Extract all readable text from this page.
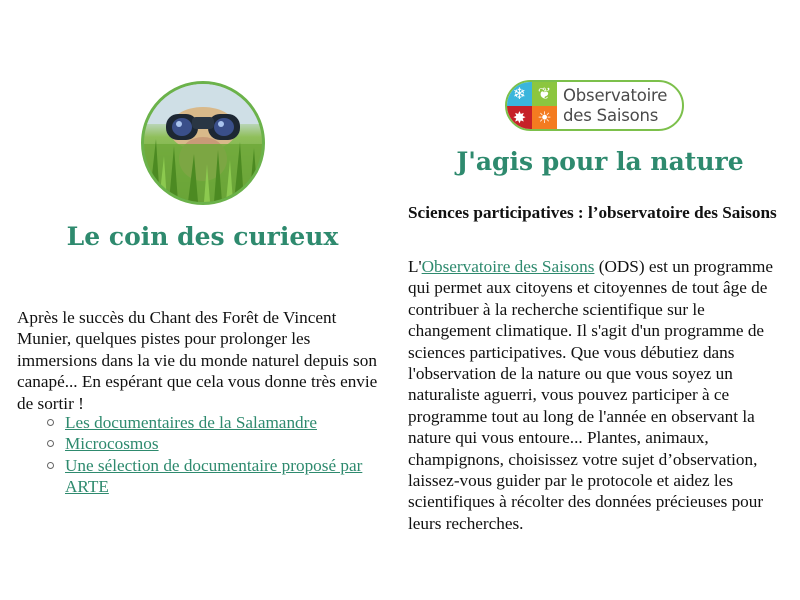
Le coin des curieux

Après le succès du Chant des Forêt de Vincent Munier, quelques pistes pour prolonger les immersions dans la vie du monde naturel depuis son canapé... En espérant que cela vous donne très envie de sortir !

Les documentaires de la Salamandre
Microcosmos
Une sélection de documentaire proposé par ARTE
J'agis pour la nature
❄ ❦
✸ ☀
Observatoire
des Saisons
Sciences participatives : l’observatoire des Saisons

L'Observatoire des Saisons (ODS) est un programme qui permet aux citoyens et citoyennes de tout âge de contribuer à la recherche scientifique sur le changement climatique. Il s'agit d'un programme de sciences participatives. Que vous débutiez dans l'observation de la nature ou que vous soyez un naturaliste aguerri, vous pouvez participer à ce programme tout au long de l'année en observant la nature qui vous entoure... Plantes, animaux, champignons, choisissez votre sujet d’observation, laissez-vous guider par le protocole et aidez les scientifiques à récolter des données précieuses pour leurs recherches.
